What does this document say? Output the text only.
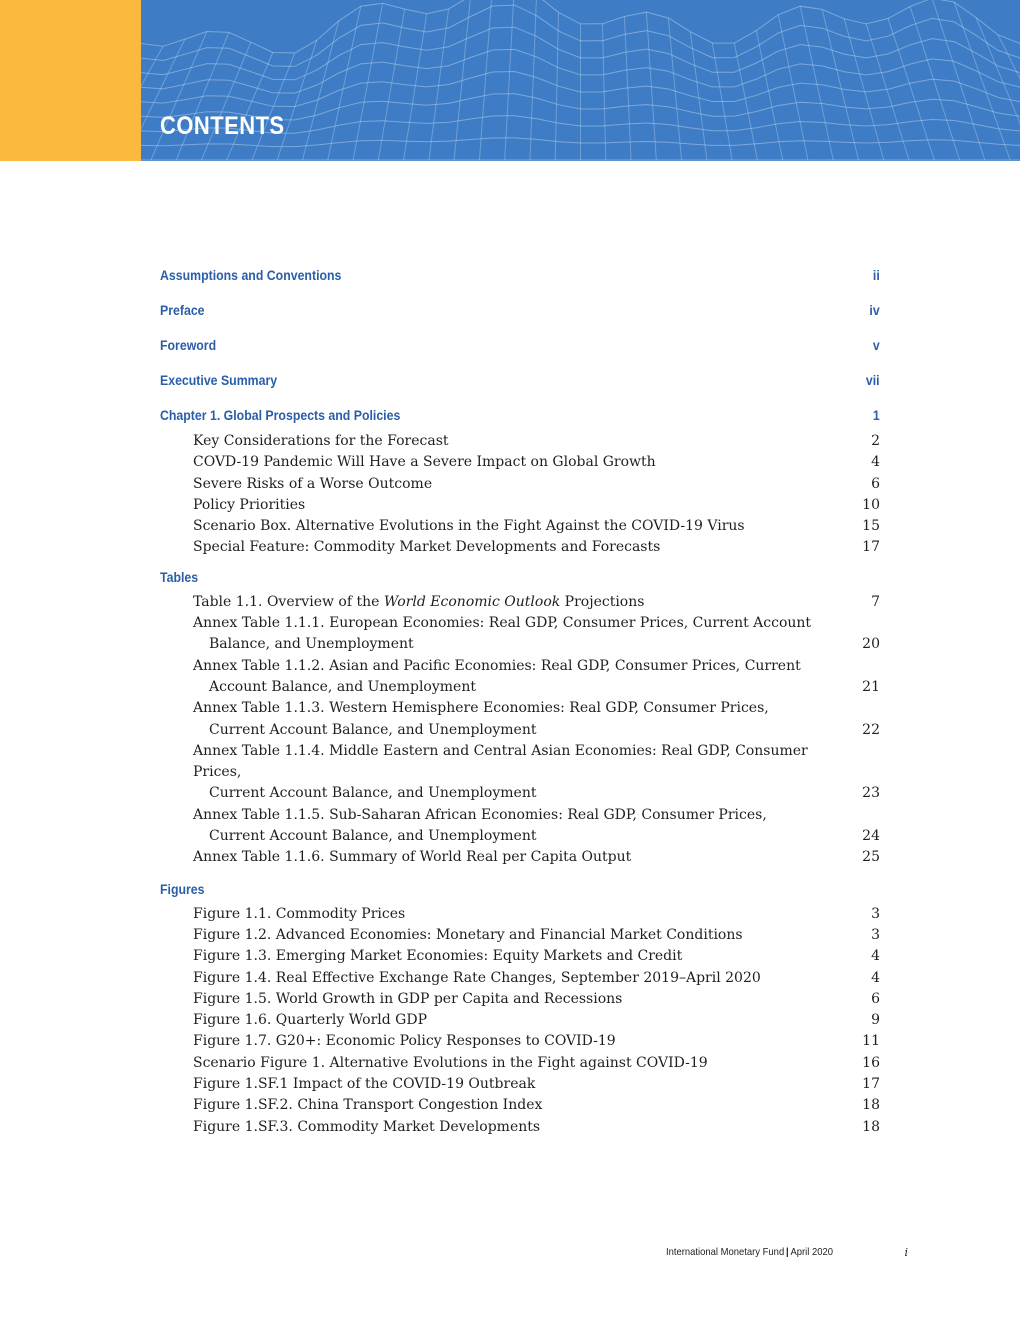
CONTENTS
Assumptions and Conventions	ii
Preface	iv
Foreword	v
Executive Summary	vii
Chapter 1. Global Prospects and Policies	1
Key Considerations for the Forecast	2
COVD-19 Pandemic Will Have a Severe Impact on Global Growth	4
Severe Risks of a Worse Outcome	6
Policy Priorities	10
Scenario Box. Alternative Evolutions in the Fight Against the COVID-19 Virus	15
Special Feature: Commodity Market Developments and Forecasts	17
Tables
Table 1.1. Overview of the World Economic Outlook Projections	7
Annex Table 1.1.1. European Economies: Real GDP, Consumer Prices, Current Account
Balance, and Unemployment	20
Annex Table 1.1.2. Asian and Pacific Economies: Real GDP, Consumer Prices, Current
Account Balance, and Unemployment	21
Annex Table 1.1.3. Western Hemisphere Economies: Real GDP, Consumer Prices,
Current Account Balance, and Unemployment	22
Annex Table 1.1.4. Middle Eastern and Central Asian Economies: Real GDP, Consumer Prices,
Current Account Balance, and Unemployment	23
Annex Table 1.1.5. Sub-Saharan African Economies: Real GDP, Consumer Prices,
Current Account Balance, and Unemployment	24
Annex Table 1.1.6. Summary of World Real per Capita Output	25
Figures
Figure 1.1. Commodity Prices	3
Figure 1.2. Advanced Economies: Monetary and Financial Market Conditions	3
Figure 1.3. Emerging Market Economies: Equity Markets and Credit	4
Figure 1.4. Real Effective Exchange Rate Changes, September 2019–April 2020	4
Figure 1.5. World Growth in GDP per Capita and Recessions	6
Figure 1.6. Quarterly World GDP	9
Figure 1.7. G20+: Economic Policy Responses to COVID-19	11
Scenario Figure 1. Alternative Evolutions in the Fight against COVID-19	16
Figure 1.SF.1 Impact of the COVID-19 Outbreak	17
Figure 1.SF.2. China Transport Congestion Index	18
Figure 1.SF.3. Commodity Market Developments	18
International Monetary Fund | April 2020	i
